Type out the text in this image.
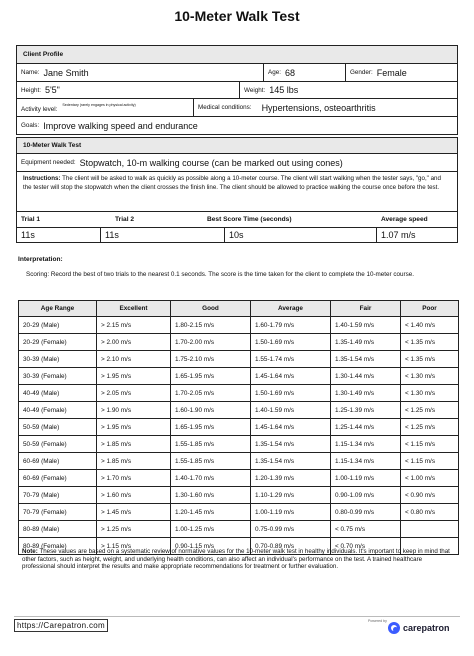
10-Meter Walk Test
Client Profile
Name: Jane Smith	Age: 68	Gender: Female
Height: 5'5"	Weight: 145 lbs
Activity level:
Sedentary (rarely engages in physical activity)	Medical conditions: Hypertensions, osteoarthritis
Goals: Improve walking speed and endurance
10-Meter Walk Test
Equipment needed: Stopwatch, 10-m walking course (can be marked out using cones)
Instructions: The client will be asked to walk as quickly as possible along a 10-meter course. The client will start walking when the tester says, "go," and the tester will stop the stopwatch when the client crosses the finish line. The client should be allowed to practice walking the course once before the test.
Trial 1	Trial 2	Best Score Time (seconds)	Average speed
11s	11s	10s	1.07 m/s
Interpretation:
Scoring: Record the best of two trials to the nearest 0.1 seconds. The score is the time taken for the client to complete the 10-meter course.
Age Range	Excellent	Good	Average	Fair	Poor
20-29 (Male)	> 2.15 m/s	1.80-2.15 m/s	1.60-1.79 m/s	1.40-1.59 m/s	< 1.40 m/s
20-29 (Female)	> 2.00 m/s	1.70-2.00 m/s	1.50-1.69 m/s	1.35-1.49 m/s	< 1.35 m/s
30-39 (Male)	> 2.10 m/s	1.75-2.10 m/s	1.55-1.74 m/s	1.35-1.54 m/s	< 1.35 m/s
30-39 (Female)	> 1.95 m/s	1.65-1.95 m/s	1.45-1.64 m/s	1.30-1.44 m/s	< 1.30 m/s
40-49 (Male)	> 2.05 m/s	1.70-2.05 m/s	1.50-1.69 m/s	1.30-1.49 m/s	< 1.30 m/s
40-49 (Female)	> 1.90 m/s	1.60-1.90 m/s	1.40-1.59 m/s	1.25-1.39 m/s	< 1.25 m/s
50-59 (Male)	> 1.95 m/s	1.65-1.95 m/s	1.45-1.64 m/s	1.25-1.44 m/s	< 1.25 m/s
50-59 (Female)	> 1.85 m/s	1.55-1.85 m/s	1.35-1.54 m/s	1.15-1.34 m/s	< 1.15 m/s
60-69 (Male)	> 1.85 m/s	1.55-1.85 m/s	1.35-1.54 m/s	1.15-1.34 m/s	< 1.15 m/s
60-69 (Female)	> 1.70 m/s	1.40-1.70 m/s	1.20-1.39 m/s	1.00-1.19 m/s	< 1.00 m/s
70-79 (Male)	> 1.60 m/s	1.30-1.60 m/s	1.10-1.29 m/s	0.90-1.09 m/s	< 0.90 m/s
70-79 (Female)	> 1.45 m/s	1.20-1.45 m/s	1.00-1.19 m/s	0.80-0.99 m/s	< 0.80 m/s
80-89 (Male)	> 1.25 m/s	1.00-1.25 m/s	0.75-0.99 m/s	< 0.75 m/s	
80-89 (Female)	> 1.15 m/s	0.90-1.15 m/s	0.70-0.89 m/s	< 0.70 m/s	
Note: These values are based on a systematic review of normative values for the 10-meter walk test in healthy individuals. It's important to keep in mind that other factors, such as height, weight, and underlying health conditions, can also affect an individual's performance on the test. A trained healthcare professional should interpret the results and make appropriate recommendations for treatment or further evaluation.
https://Carepatron.com	Powered by
carepatron
